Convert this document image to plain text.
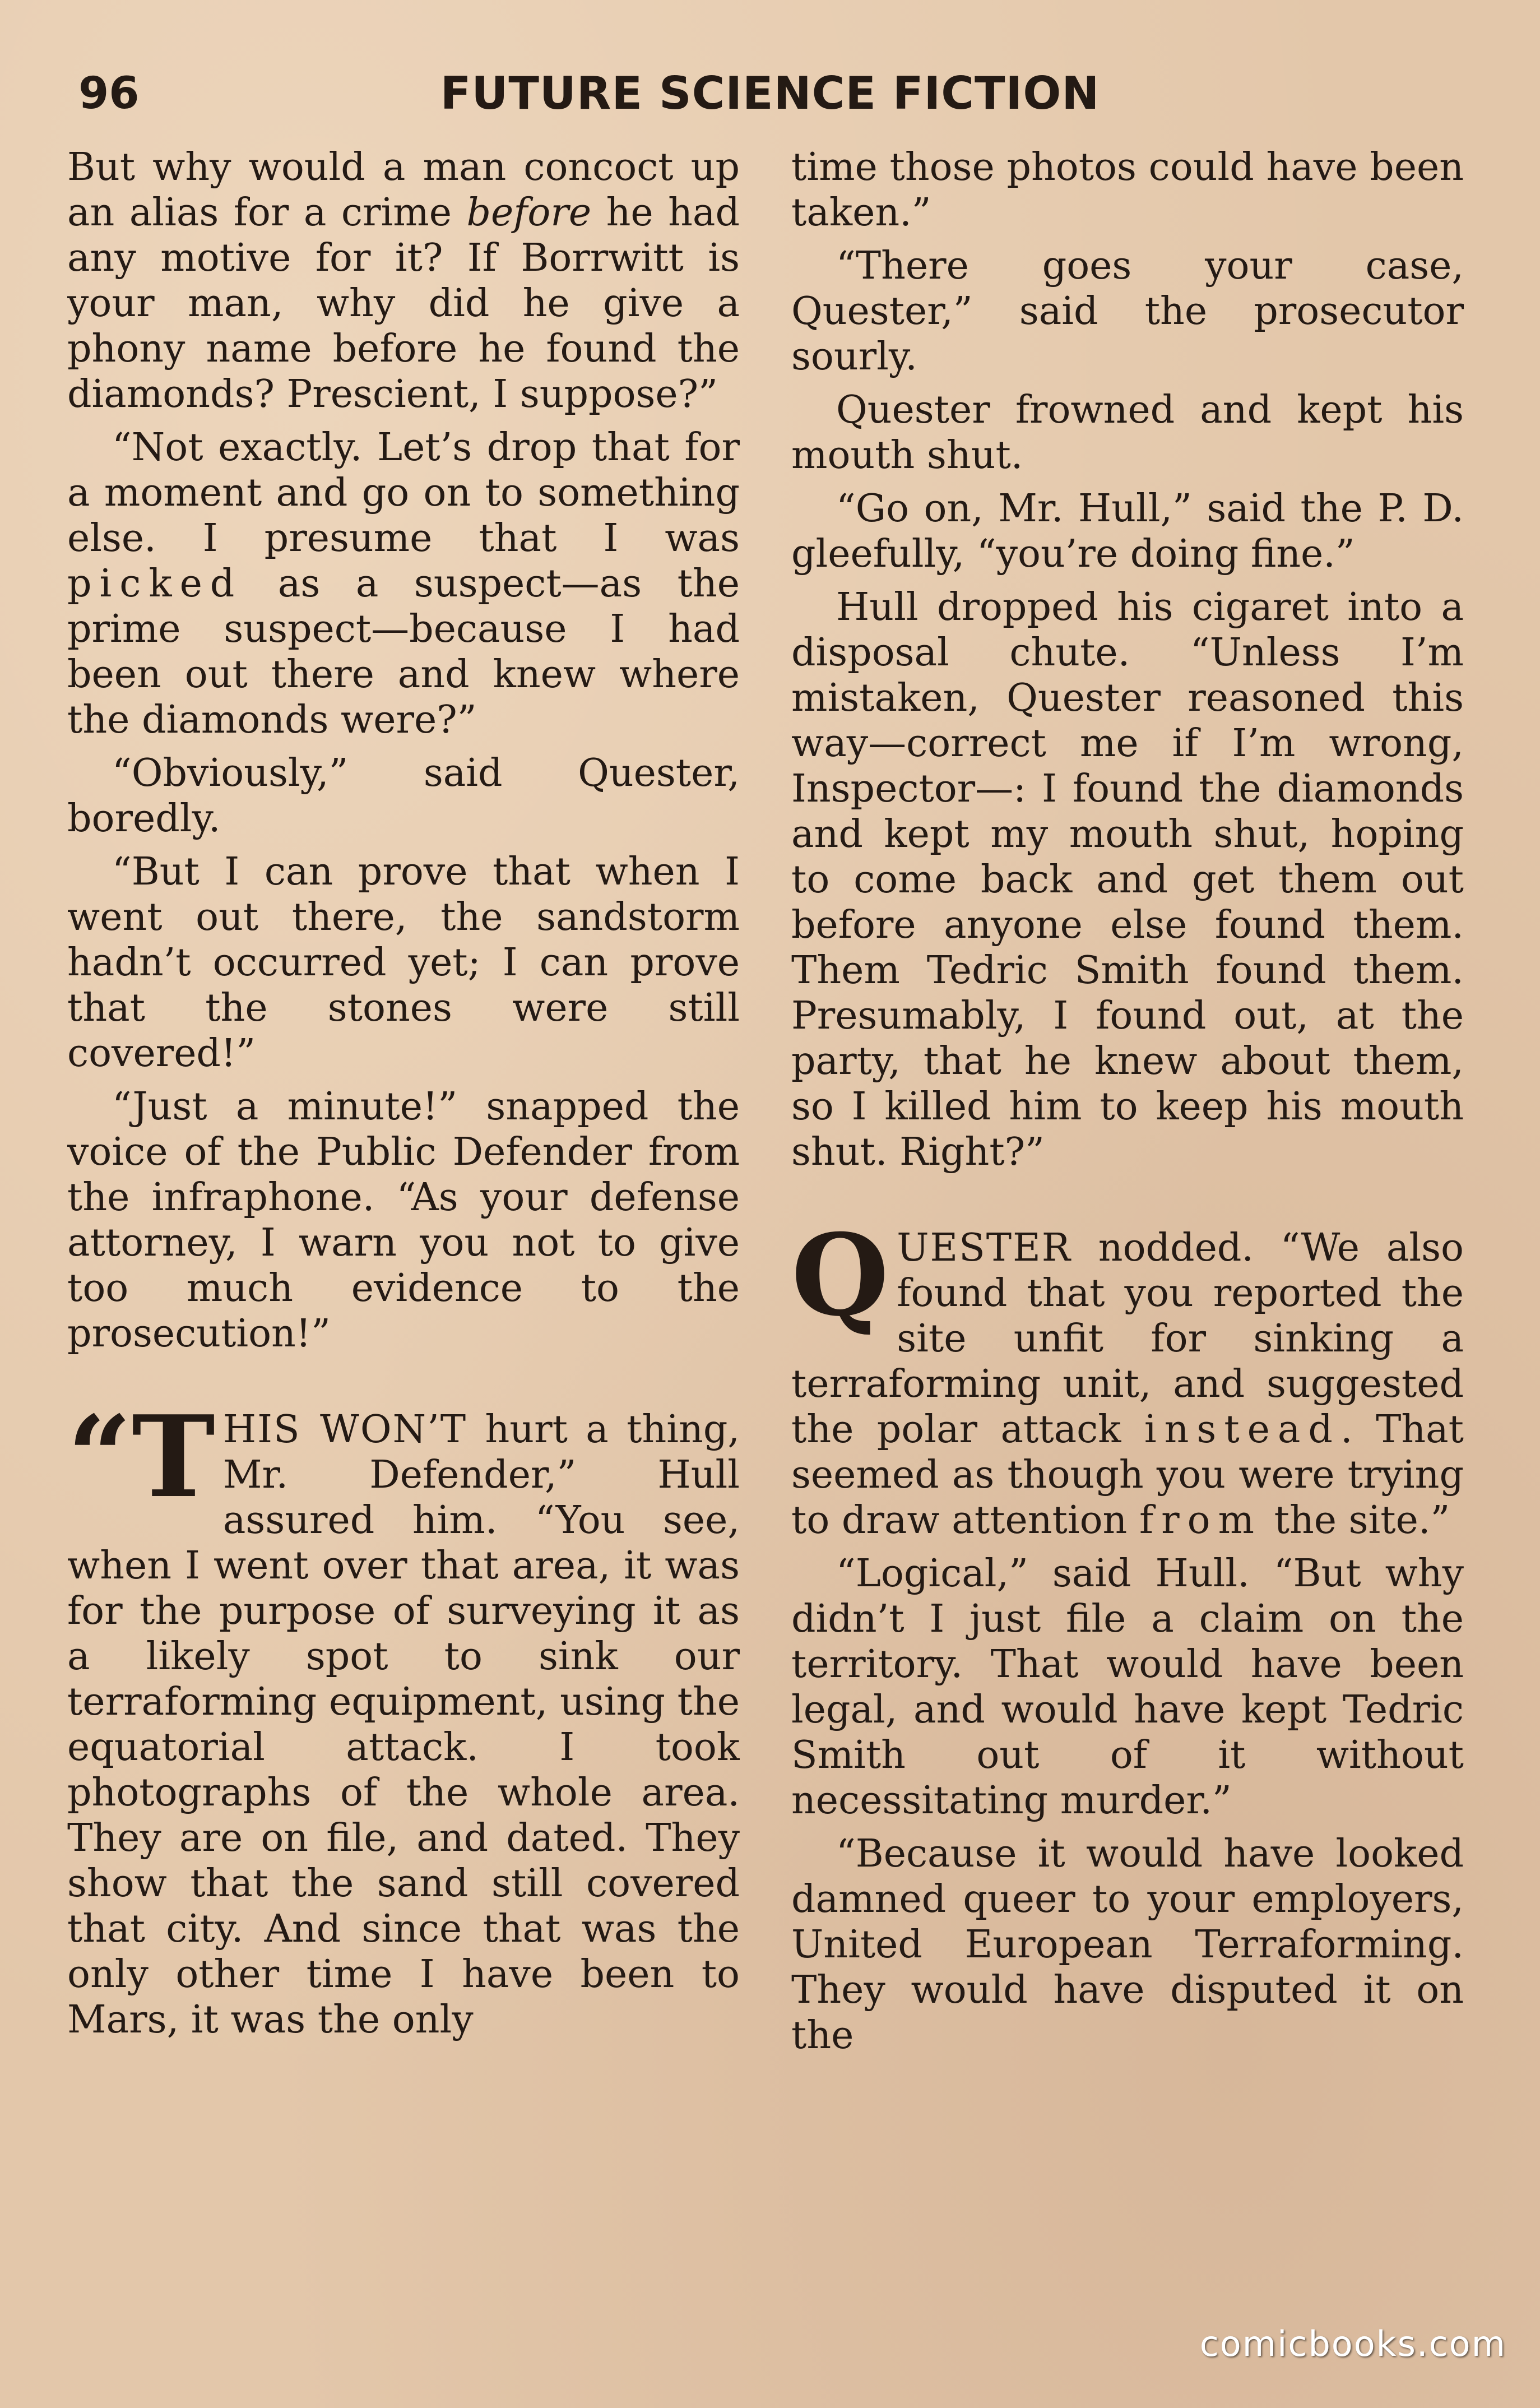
96	FUTURE SCIENCE FICTION

But why would a man concoct up an alias for a crime before he had any motive for it? If Borrwitt is your man, why did he give a phony name before he found the diamonds? Prescient, I suppose?”

“Not exactly. Let’s drop that for a moment and go on to something else. I presume that I was picked as a suspect—as the prime suspect—because I had been out there and knew where the diamonds were?”

“Obviously,” said Quester, boredly.

“But I can prove that when I went out there, the sandstorm hadn’t occurred yet; I can prove that the stones were still covered!”

“Just a minute!” snapped the voice of the Public Defender from the infraphone. “As your defense attorney, I warn you not to give too much evidence to the prosecution!”

“THIS WON’T hurt a thing, Mr. Defender,” Hull assured him. “You see, when I went over that area, it was for the purpose of surveying it as a likely spot to sink our terraforming equipment, using the equatorial attack. I took photographs of the whole area. They are on file, and dated. They show that the sand still covered that city. And since that was the only other time I have been to Mars, it was the only

time those photos could have been taken.”

“There goes your case, Quester,” said the prosecutor sourly.

Quester frowned and kept his mouth shut.

“Go on, Mr. Hull,” said the P. D. gleefully, “you’re doing fine.”

Hull dropped his cigaret into a disposal chute. “Unless I’m mistaken, Quester reasoned this way—correct me if I’m wrong, Inspector—: I found the diamonds and kept my mouth shut, hoping to come back and get them out before anyone else found them. Them Tedric Smith found them. Presumably, I found out, at the party, that he knew about them, so I killed him to keep his mouth shut. Right?”

QUESTER nodded. “We also found that you reported the site unfit for sinking a terraforming unit, and suggested the polar attack instead. That seemed as though you were trying to draw attention from the site.”

“Logical,” said Hull. “But why didn’t I just file a claim on the territory. That would have been legal, and would have kept Tedric Smith out of it without necessitating murder.”

“Because it would have looked damned queer to your employers, United European Terraforming. They would have disputed it on the

comicbooks.com
